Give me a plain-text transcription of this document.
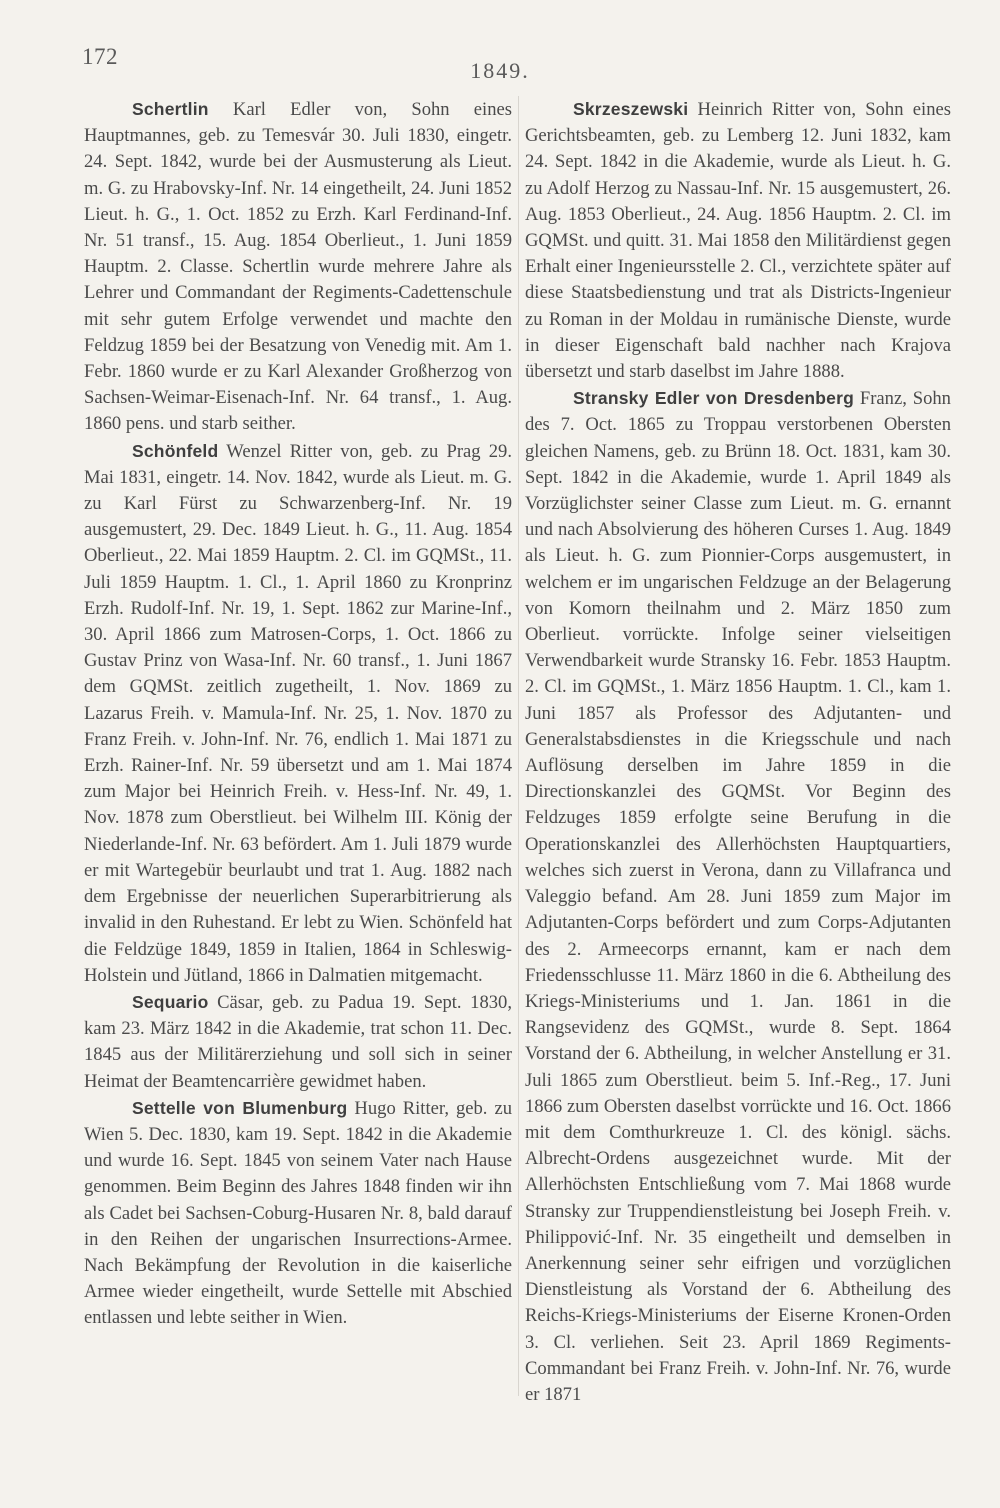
172
1849.

Schertlin Karl Edler von, Sohn eines Hauptmannes, geb. zu Temesvár 30. Juli 1830, eingetr. 24. Sept. 1842, wurde bei der Ausmusterung als Lieut. m. G. zu Hrabovsky-Inf. Nr. 14 eingetheilt, 24. Juni 1852 Lieut. h. G., 1. Oct. 1852 zu Erzh. Karl Ferdinand-Inf. Nr. 51 transf., 15. Aug. 1854 Oberlieut., 1. Juni 1859 Hauptm. 2. Classe. Schertlin wurde mehrere Jahre als Lehrer und Commandant der Regiments-Cadettenschule mit sehr gutem Erfolge verwendet und machte den Feldzug 1859 bei der Besatzung von Venedig mit. Am 1. Febr. 1860 wurde er zu Karl Alexander Großherzog von Sachsen-Weimar-Eisenach-Inf. Nr. 64 transf., 1. Aug. 1860 pens. und starb seither.

Schönfeld Wenzel Ritter von, geb. zu Prag 29. Mai 1831, eingetr. 14. Nov. 1842, wurde als Lieut. m. G. zu Karl Fürst zu Schwarzenberg-Inf. Nr. 19 ausgemustert, 29. Dec. 1849 Lieut. h. G., 11. Aug. 1854 Oberlieut., 22. Mai 1859 Hauptm. 2. Cl. im GQMSt., 11. Juli 1859 Hauptm. 1. Cl., 1. April 1860 zu Kronprinz Erzh. Rudolf-Inf. Nr. 19, 1. Sept. 1862 zur Marine-Inf., 30. April 1866 zum Matrosen-Corps, 1. Oct. 1866 zu Gustav Prinz von Wasa-Inf. Nr. 60 transf., 1. Juni 1867 dem GQMSt. zeitlich zugetheilt, 1. Nov. 1869 zu Lazarus Freih. v. Mamula-Inf. Nr. 25, 1. Nov. 1870 zu Franz Freih. v. John-Inf. Nr. 76, endlich 1. Mai 1871 zu Erzh. Rainer-Inf. Nr. 59 übersetzt und am 1. Mai 1874 zum Major bei Heinrich Freih. v. Hess-Inf. Nr. 49, 1. Nov. 1878 zum Oberstlieut. bei Wilhelm III. König der Niederlande-Inf. Nr. 63 befördert. Am 1. Juli 1879 wurde er mit Wartegebür beurlaubt und trat 1. Aug. 1882 nach dem Ergebnisse der neuerlichen Superarbitrierung als invalid in den Ruhestand. Er lebt zu Wien. Schönfeld hat die Feldzüge 1849, 1859 in Italien, 1864 in Schleswig-Holstein und Jütland, 1866 in Dalmatien mitgemacht.

Sequario Cäsar, geb. zu Padua 19. Sept. 1830, kam 23. März 1842 in die Akademie, trat schon 11. Dec. 1845 aus der Militärerziehung und soll sich in seiner Heimat der Beamtencarrière gewidmet haben.

Settelle von Blumenburg Hugo Ritter, geb. zu Wien 5. Dec. 1830, kam 19. Sept. 1842 in die Akademie und wurde 16. Sept. 1845 von seinem Vater nach Hause genommen. Beim Beginn des Jahres 1848 finden wir ihn als Cadet bei Sachsen-Coburg-Husaren Nr. 8, bald darauf in den Reihen der ungarischen Insurrections-Armee. Nach Bekämpfung der Revolution in die kaiserliche Armee wieder eingetheilt, wurde Settelle mit Abschied entlassen und lebte seither in Wien.

Skrzeszewski Heinrich Ritter von, Sohn eines Gerichtsbeamten, geb. zu Lemberg 12. Juni 1832, kam 24. Sept. 1842 in die Akademie, wurde als Lieut. h. G. zu Adolf Herzog zu Nassau-Inf. Nr. 15 ausgemustert, 26. Aug. 1853 Oberlieut., 24. Aug. 1856 Hauptm. 2. Cl. im GQMSt. und quitt. 31. Mai 1858 den Militärdienst gegen Erhalt einer Ingenieursstelle 2. Cl., verzichtete später auf diese Staatsbedienstung und trat als Districts-Ingenieur zu Roman in der Moldau in rumänische Dienste, wurde in dieser Eigenschaft bald nachher nach Krajova übersetzt und starb daselbst im Jahre 1888.

Stransky Edler von Dresdenberg Franz, Sohn des 7. Oct. 1865 zu Troppau verstorbenen Obersten gleichen Namens, geb. zu Brünn 18. Oct. 1831, kam 30. Sept. 1842 in die Akademie, wurde 1. April 1849 als Vorzüglichster seiner Classe zum Lieut. m. G. ernannt und nach Absolvierung des höheren Curses 1. Aug. 1849 als Lieut. h. G. zum Pionnier-Corps ausgemustert, in welchem er im ungarischen Feldzuge an der Belagerung von Komorn theilnahm und 2. März 1850 zum Oberlieut. vorrückte. Infolge seiner vielseitigen Verwendbarkeit wurde Stransky 16. Febr. 1853 Hauptm. 2. Cl. im GQMSt., 1. März 1856 Hauptm. 1. Cl., kam 1. Juni 1857 als Professor des Adjutanten- und Generalstabsdienstes in die Kriegsschule und nach Auflösung derselben im Jahre 1859 in die Directionskanzlei des GQMSt. Vor Beginn des Feldzuges 1859 erfolgte seine Berufung in die Operationskanzlei des Allerhöchsten Hauptquartiers, welches sich zuerst in Verona, dann zu Villafranca und Valeggio befand. Am 28. Juni 1859 zum Major im Adjutanten-Corps befördert und zum Corps-Adjutanten des 2. Armeecorps ernannt, kam er nach dem Friedensschlusse 11. März 1860 in die 6. Abtheilung des Kriegs-Ministeriums und 1. Jan. 1861 in die Rangsevidenz des GQMSt., wurde 8. Sept. 1864 Vorstand der 6. Abtheilung, in welcher Anstellung er 31. Juli 1865 zum Oberstlieut. beim 5. Inf.-Reg., 17. Juni 1866 zum Obersten daselbst vorrückte und 16. Oct. 1866 mit dem Comthurkreuze 1. Cl. des königl. sächs. Albrecht-Ordens ausgezeichnet wurde. Mit der Allerhöchsten Entschließung vom 7. Mai 1868 wurde Stransky zur Truppendienstleistung bei Joseph Freih. v. Philippović-Inf. Nr. 35 eingetheilt und demselben in Anerkennung seiner sehr eifrigen und vorzüglichen Dienstleistung als Vorstand der 6. Abtheilung des Reichs-Kriegs-Ministeriums der Eiserne Kronen-Orden 3. Cl. verliehen. Seit 23. April 1869 Regiments-Commandant bei Franz Freih. v. John-Inf. Nr. 76, wurde er 1871
